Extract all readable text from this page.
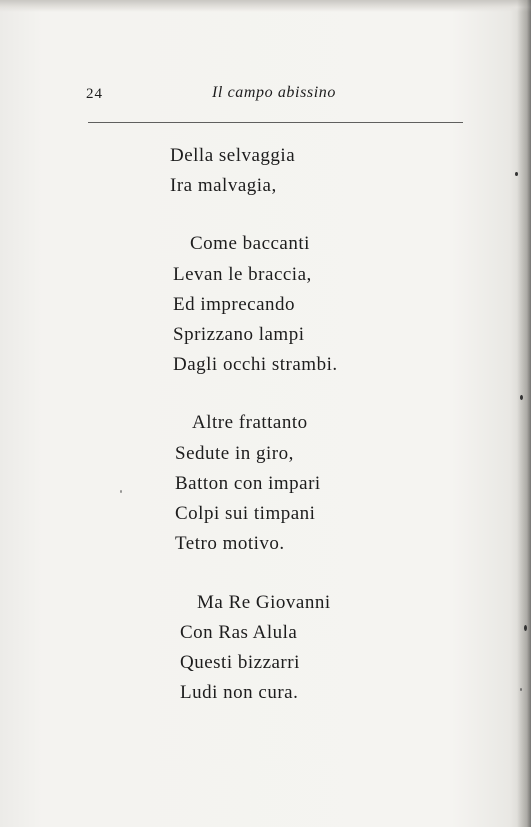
24	Il campo abissino
Della selvaggia
Ira malvagia,
Come baccanti
Levan le braccia,
Ed imprecando
Sprizzano lampi
Dagli occhi strambi.
Altre frattanto
Sedute in giro,
Batton con impari
Colpi sui timpani
Tetro motivo.
Ma Re Giovanni
Con Ras Alula
Questi bizzarri
Ludi non cura.
